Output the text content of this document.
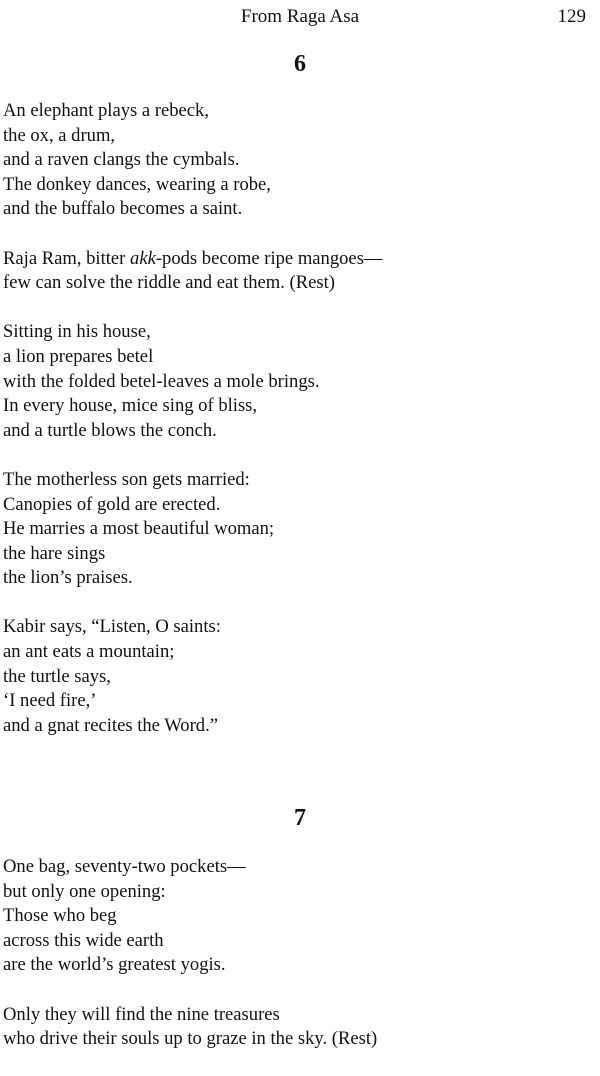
From Raga Asa	129
6
An elephant plays a rebeck,
the ox, a drum,
and a raven clangs the cymbals.
The donkey dances, wearing a robe,
and the buffalo becomes a saint.
Raja Ram, bitter akk-pods become ripe mangoes—
few can solve the riddle and eat them. (Rest)
Sitting in his house,
a lion prepares betel
with the folded betel-leaves a mole brings.
In every house, mice sing of bliss,
and a turtle blows the conch.
The motherless son gets married:
Canopies of gold are erected.
He marries a most beautiful woman;
the hare sings
the lion’s praises.
Kabir says, “Listen, O saints:
an ant eats a mountain;
the turtle says,
‘I need fire,’
and a gnat recites the Word.”
7
One bag, seventy-two pockets—
but only one opening:
Those who beg
across this wide earth
are the world’s greatest yogis.
Only they will find the nine treasures
who drive their souls up to graze in the sky. (Rest)
